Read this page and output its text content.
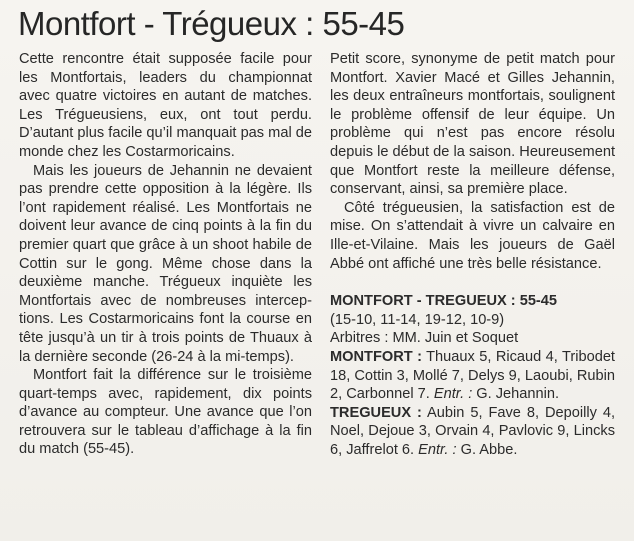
Montfort - Trégueux : 55-45

Cette rencontre était supposée facile pour les Montfortais, leaders du championnat avec quatre victoires en autant de matches. Les Trégueusiens, eux, ont tout perdu. D’autant plus facile qu’il manquait pas mal de monde chez les Costarmoricains.

Mais les joueurs de Jehannin ne devaient pas prendre cette opposition à la légère. Ils l’ont rapidement réalisé. Les Montfortais ne doivent leur avance de cinq points à la fin du premier quart que grâce à un shoot habile de Cottin sur le gong. Même chose dans la deuxième manche. Trégueux inquiète les Montfortais avec de nombreuses interceptions. Les Costarmoricains font la course en tête jusqu’à un tir à trois points de Thuaux à la dernière seconde (26-24 à la mi-temps).

Montfort fait la différence sur le troisième quart-temps avec, rapidement, dix points d’avance au compteur. Une avance que l’on retrouvera sur le tableau d’affichage à la fin du match (55-45).

Petit score, synonyme de petit match pour Montfort. Xavier Macé et Gilles Jehannin, les deux entraîneurs montfortais, soulignent le problème offensif de leur équipe. Un problème qui n’est pas encore résolu depuis le début de la saison. Heureusement que Montfort reste la meilleure défense, conservant, ainsi, sa première place.

Côté trégueusien, la satisfaction est de mise. On s’attendait à vivre un calvaire en Ille-et-Vilaine. Mais les joueurs de Gaël Abbé ont affiché une très belle résistance.

MONTFORT - TREGUEUX : 55-45

(15-10, 11-14, 19-12, 10-9)

Arbitres : MM. Juin et Soquet

MONTFORT : Thuaux 5, Ricaud 4, Tribodet 18, Cottin 3, Mollé 7, Delys 9, Laoubi, Rubin 2, Carbonnel 7. Entr. : G. Jehannin.

TREGUEUX : Aubin 5, Fave 8, Depoilly 4, Noel, Dejoue 3, Orvain 4, Pavlovic 9, Lincks 6, Jaffrelot 6. Entr. : G. Abbe.
